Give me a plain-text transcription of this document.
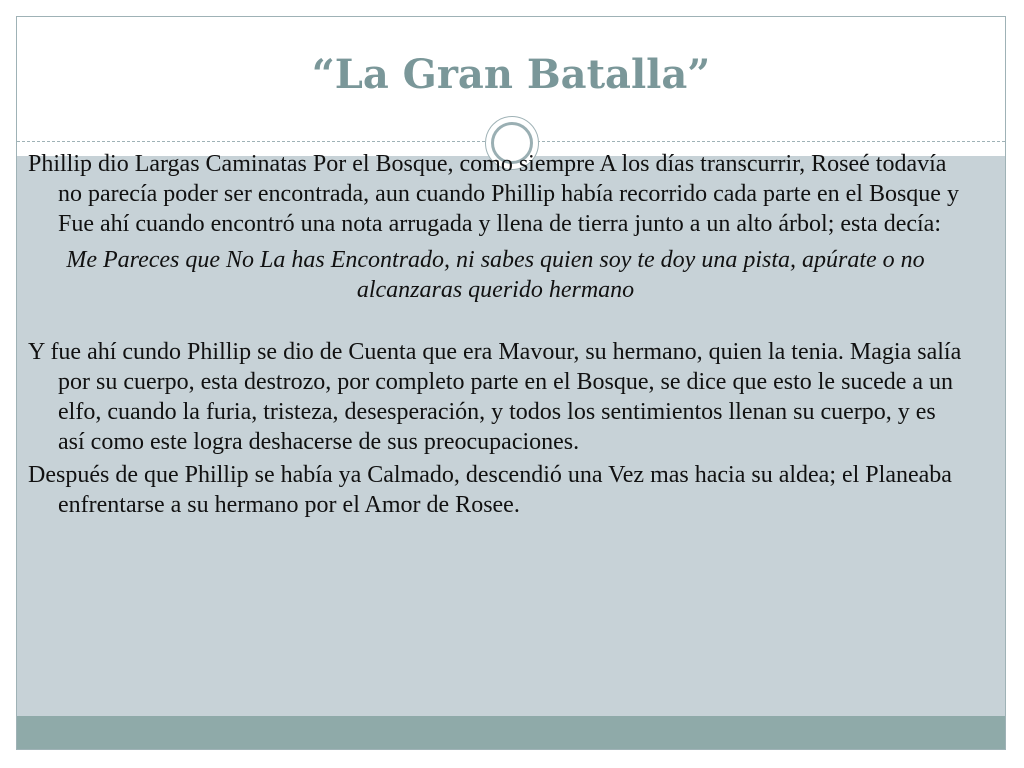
“La Gran Batalla”

Phillip dio Largas Caminatas Por el Bosque, como siempre A los días transcurrir, Roseé todavía no parecía poder ser encontrada, aun cuando Phillip había recorrido cada parte en el Bosque y Fue ahí cuando encontró una nota arrugada y llena de tierra junto a un alto árbol; esta decía:

Me Pareces que No La has Encontrado, ni sabes quien soy te doy una pista, apúrate o no alcanzaras querido hermano

Y fue ahí cundo Phillip se dio de Cuenta que era Mavour, su hermano, quien la tenia. Magia salía por su cuerpo, esta destrozo, por completo parte en el Bosque, se dice que esto le sucede a un elfo, cuando la furia, tristeza, desesperación, y todos los sentimientos llenan su cuerpo, y es así como este logra deshacerse de sus preocupaciones.

Después de que Phillip se había ya Calmado, descendió una Vez mas hacia su aldea; el Planeaba enfrentarse a su hermano por el Amor de Rosee.
